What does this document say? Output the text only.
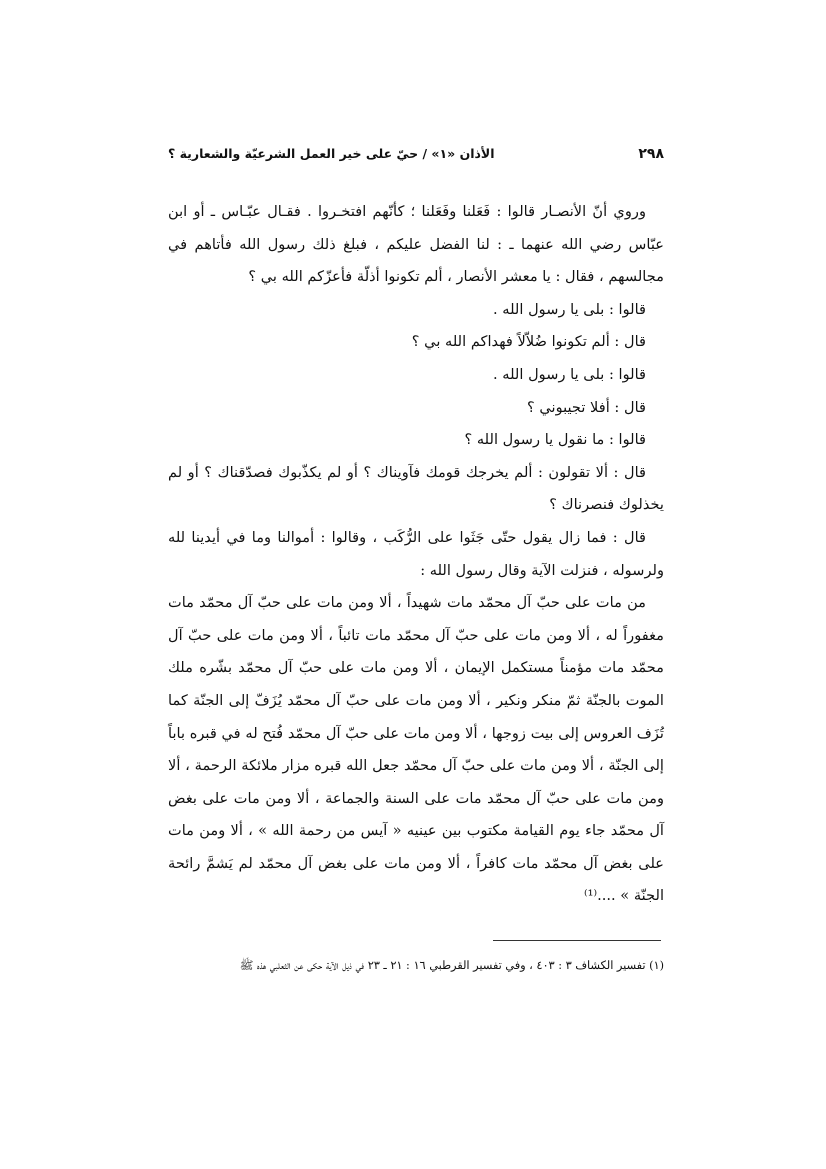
٢٩٨
الأذان «١» / حيّ على خير العمل الشرعيّة والشعارية ؟

وروي أنّ الأنصـار قالوا : فَعَلنا وفَعَلنا ؛ كأنّهم افتخـروا . فقـال عبّـاس ـ أو ابن عبّاس رضي الله عنهما ـ : لنا الفضل عليكم ، فبلغ ذلك رسول الله فأتاهم في مجالسهم ، فقال : يا معشر الأنصار ، ألم تكونوا أذلّة فأعزّكم الله بي ؟

قالوا : بلى يا رسول الله .

قال : ألم تكونوا ضُلاّلاً فهداكم الله بي ؟

قالوا : بلى يا رسول الله .

قال : أفلا تجيبوني ؟

قالوا : ما نقول يا رسول الله ؟

قال : ألا تقولون : ألم يخرجك قومك فآويناك ؟ أو لم يكذّبوك فصدّقناك ؟ أو لم يخذلوك فنصرناك ؟

قال : فما زال يقول حتّى جَثَوا على الرُّكَب ، وقالوا : أموالنا وما في أيدينا لله ولرسوله ، فنزلت الآية وقال رسول الله :

من مات على حبّ آل محمّد مات شهيداً ، ألا ومن مات على حبّ آل محمّد مات مغفوراً له ، ألا ومن مات على حبّ آل محمّد مات تائباً ، ألا ومن مات على حبّ آل محمّد مات مؤمناً مستكمل الإيمان ، ألا ومن مات على حبّ آل محمّد بشّره ملك الموت بالجنّة ثمّ منكر ونكير ، ألا ومن مات على حبّ آل محمّد يُزَفّ إلى الجنّة كما تُزَف العروس إلى بيت زوجها ، ألا ومن مات على حبّ آل محمّد فُتح له في قبره باباً إلى الجنّة ، ألا ومن مات على حبّ آل محمّد جعل الله قبره مزار ملائكة الرحمة ، ألا ومن مات على حبّ آل محمّد مات على السنة والجماعة ، ألا ومن مات على بغض آل محمّد جاء يوم القيامة مكتوب بين عينيه « آيس من رحمة الله » ، ألا ومن مات على بغض آل محمّد مات كافراً ، ألا ومن مات على بغض آل محمّد لم يَشمَّ رائحة الجنّة » ....⁽¹⁾

(١) تفسير الكشاف ٣ : ٤٠٣ ، وفي تفسير القرطبي ١٦ : ٢١ ـ ٢٣ في ذيل الآية حكى عن الثعلبي هذه ﷺ
